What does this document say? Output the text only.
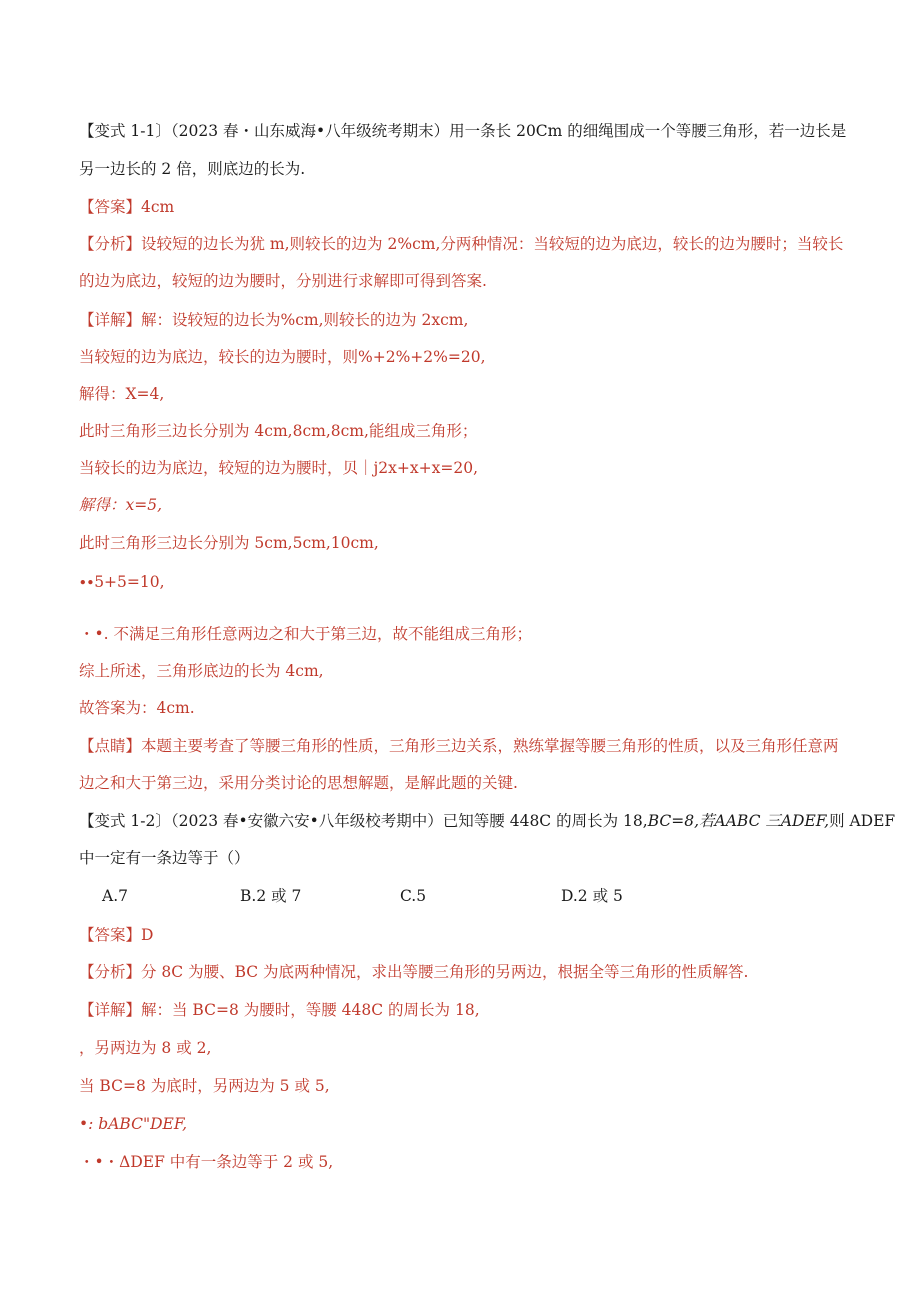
【变式 1-1〕（2023 春・山东威海•八年级统考期末）用一条长 20Cm 的细绳围成一个等腰三角形，若一边长是
另一边长的 2 倍，则底边的长为.
【答案】4cm
【分析】设较短的边长为犹 m,则较长的边为 2%cm,分两种情况：当较短的边为底边，较长的边为腰时；当较长
的边为底边，较短的边为腰时，分别进行求解即可得到答案.
【详解】解：设较短的边长为%cm,则较长的边为 2xcm,
当较短的边为底边，较长的边为腰时，则%+2%+2%=20,
解得：X=4,
此时三角形三边长分别为 4cm,8cm,8cm,能组成三角形；
当较长的边为底边，较短的边为腰时，贝｜j2x+x+x=20,
解得：x=5,
此时三角形三边长分别为 5cm,5cm,10cm,
∙∙5+5=10,
・•. 不满足三角形任意两边之和大于第三边，故不能组成三角形；
综上所述，三角形底边的长为 4cm,
故答案为：4cm.
【点睛】本题主要考查了等腰三角形的性质，三角形三边关系，熟练掌握等腰三角形的性质，以及三角形任意两
边之和大于第三边，采用分类讨论的思想解题，是解此题的关键.
【变式 1-2〕（2023 春•安徽六安•八年级校考期中）已知等腰 448C 的周长为 18,BC=8,若AABC 三ADEF,则 ADEF
中一定有一条边等于（）
A.7	B.2 或 7	C.5	D.2 或 5
【答案】D
【分析】分 8C 为腰、BC 为底两种情况，求出等腰三角形的另两边，根据全等三角形的性质解答.
【详解】解：当 BC=8 为腰时，等腰 448C 的周长为 18,
，另两边为 8 或 2,
当 BC=8 为底时，另两边为 5 或 5,
•: bABC"DEF,
・•・ΔDEF 中有一条边等于 2 或 5,
